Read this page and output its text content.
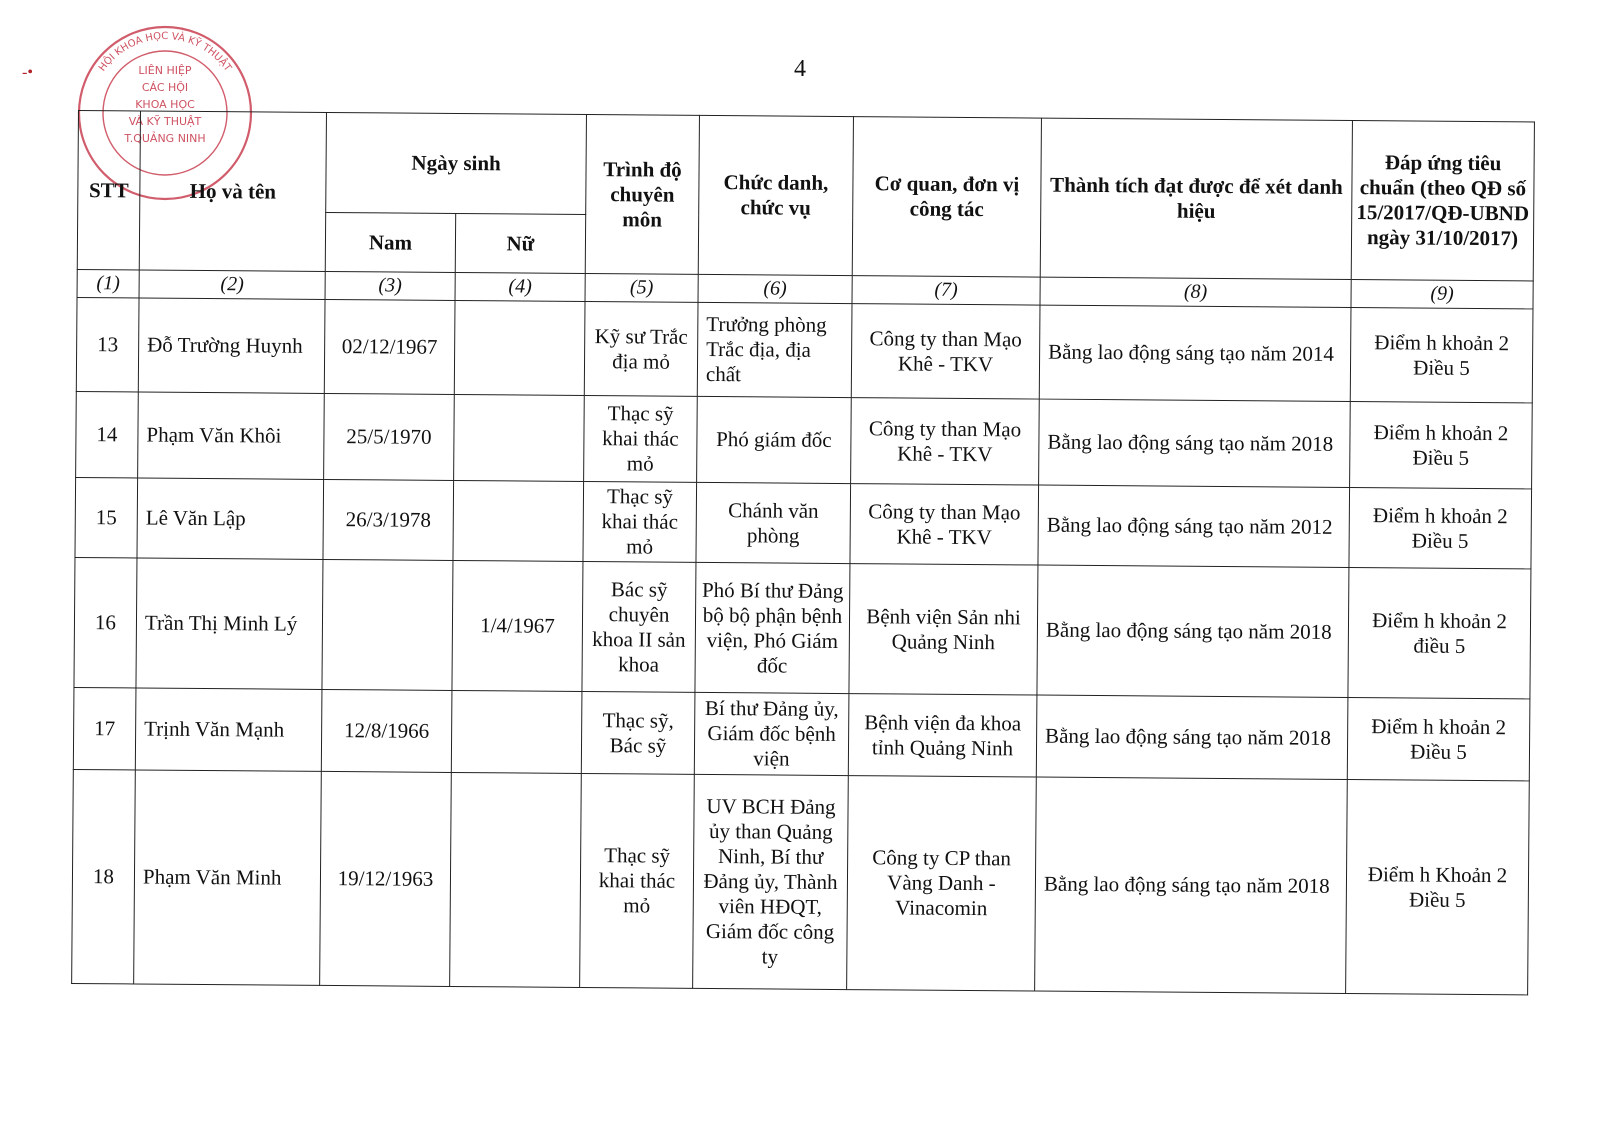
4
-•	LIÊN HIỆP
CÁC HỘI
KHOA HỌC
VÀ KỸ THUẬT
T.QUẢNG NINH
HỘI KHOA HỌC VÀ KỸ THUẬT
STT	Họ và tên	Ngày sinh		Trình độ chuyên môn	Chức danh, chức vụ	Cơ quan, đơn vị công tác	Thành tích đạt được để xét danh hiệu	Đáp ứng tiêu chuẩn (theo QĐ số 15/2017/QĐ-UBND ngày 31/10/2017)
		Nam	Nữ					
(1)	(2)	(3)	(4)	(5)	(6)	(7)	(8)	(9)
13	Đỗ Trường Huynh	02/12/1967		Kỹ sư Trắc địa mỏ	Trưởng phòng Trắc địa, địa chất	Công ty than Mạo Khê - TKV	Bằng lao động sáng tạo năm 2014	Điểm h khoản 2 Điều 5
14	Phạm Văn Khôi	25/5/1970		Thạc sỹ khai thác mỏ	Phó giám đốc	Công ty than Mạo Khê - TKV	Bằng lao động sáng tạo năm 2018	Điểm h khoản 2 Điều 5
15	Lê Văn Lập	26/3/1978		Thạc sỹ khai thác mỏ	Chánh văn phòng	Công ty than Mạo Khê - TKV	Bằng lao động sáng tạo năm 2012	Điểm h khoản 2 Điều 5
16	Trần Thị Minh Lý		1/4/1967	Bác sỹ chuyên khoa II sản khoa	Phó Bí thư Đảng bộ bộ phận bệnh viện, Phó Giám đốc	Bệnh viện Sản nhi Quảng Ninh	Bằng lao động sáng tạo năm 2018	Điểm h khoản 2 điều 5
17	Trịnh Văn Mạnh	12/8/1966		Thạc sỹ, Bác sỹ	Bí thư Đảng ủy, Giám đốc bệnh viện	Bệnh viện đa khoa tỉnh Quảng Ninh	Bằng lao động sáng tạo năm 2018	Điểm h khoản 2 Điều 5
18	Phạm Văn Minh	19/12/1963		Thạc sỹ khai thác mỏ	UV BCH Đảng ủy than Quảng Ninh, Bí thư Đảng ủy, Thành viên HĐQT, Giám đốc công ty	Công ty CP than Vàng Danh - Vinacomin	Bằng lao động sáng tạo năm 2018	Điểm h Khoản 2 Điều 5
